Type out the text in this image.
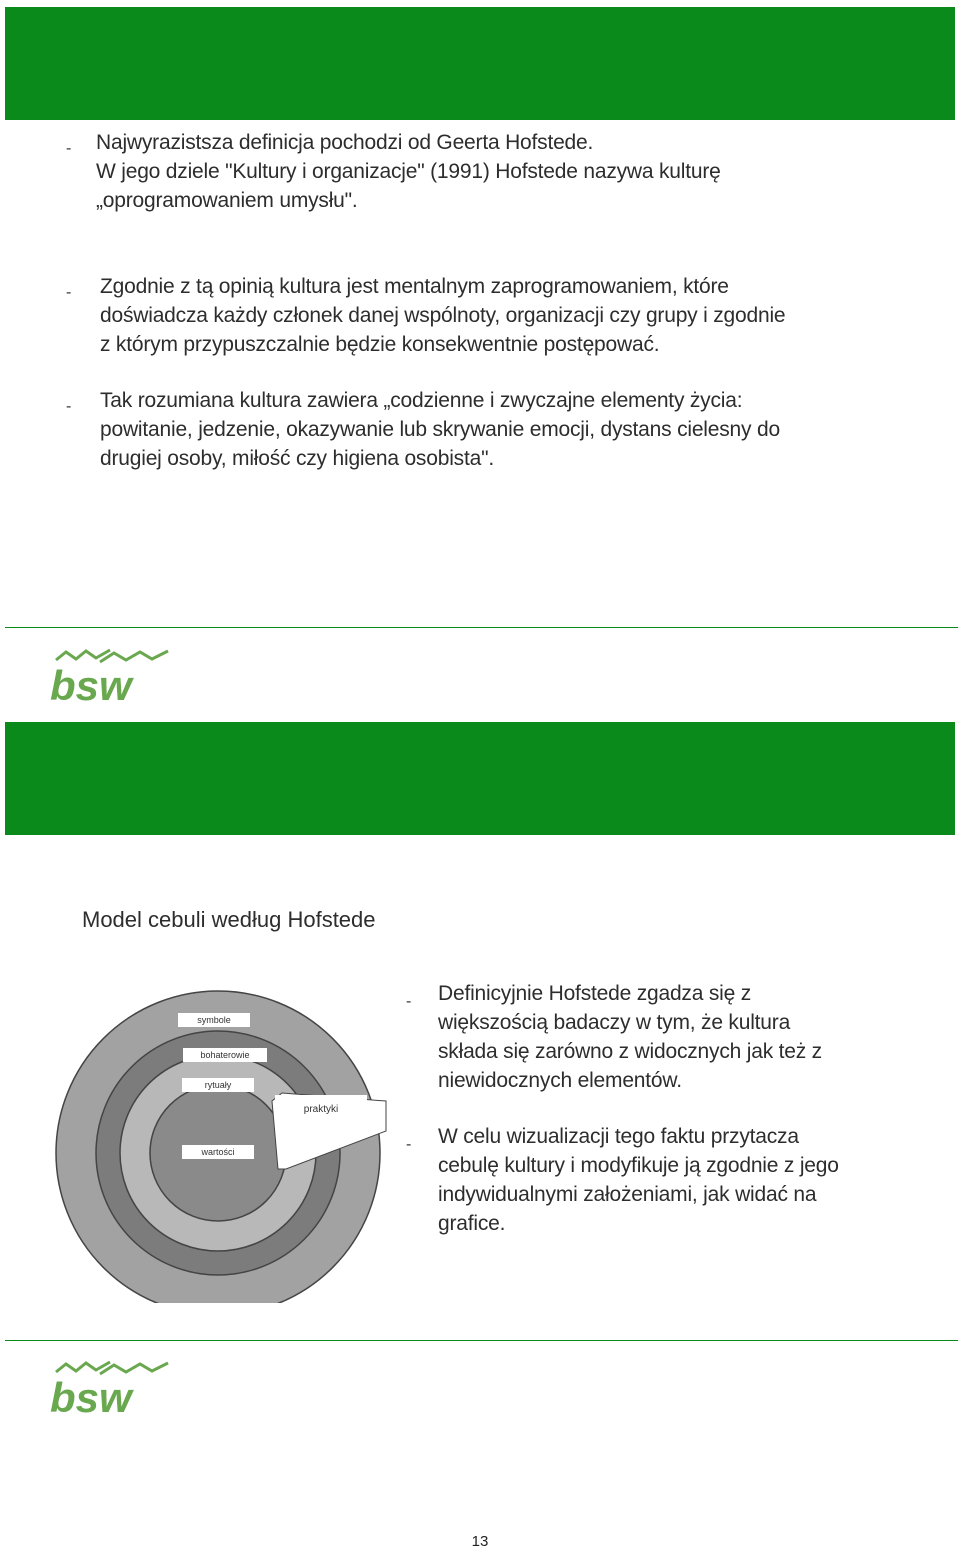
- Najwyrazistsza definicja pochodzi od Geerta Hofstede.
W jego dziele "Kultury i organizacje" (1991) Hofstede nazywa kulturę
„oprogramowaniem umysłu".

- Zgodnie z tą opinią kultura jest mentalnym zaprogramowaniem, które
doświadcza każdy członek danej wspólnoty, organizacji czy grupy i zgodnie
z którym przypuszczalnie będzie konsekwentnie postępować.

- Tak rozumiana kultura zawiera „codzienne i zwyczajne elementy życia:
powitanie, jedzenie, okazywanie lub skrywanie emocji, dystans cielesny do
drugiej osoby, miłość czy higiena osobista".

bsw
Model cebuli według Hofstede
symbole
bohaterowie
rytuały
wartości
praktyki
- Definicyjnie Hofstede zgadza się z
większością badaczy w tym, że kultura
składa się zarówno z widocznych jak też z
niewidocznych elementów.

- W celu wizualizacji tego faktu przytacza
cebulę kultury i modyfikuje ją zgodnie z jego
indywidualnymi założeniami, jak widać na
grafice.

bsw
13
